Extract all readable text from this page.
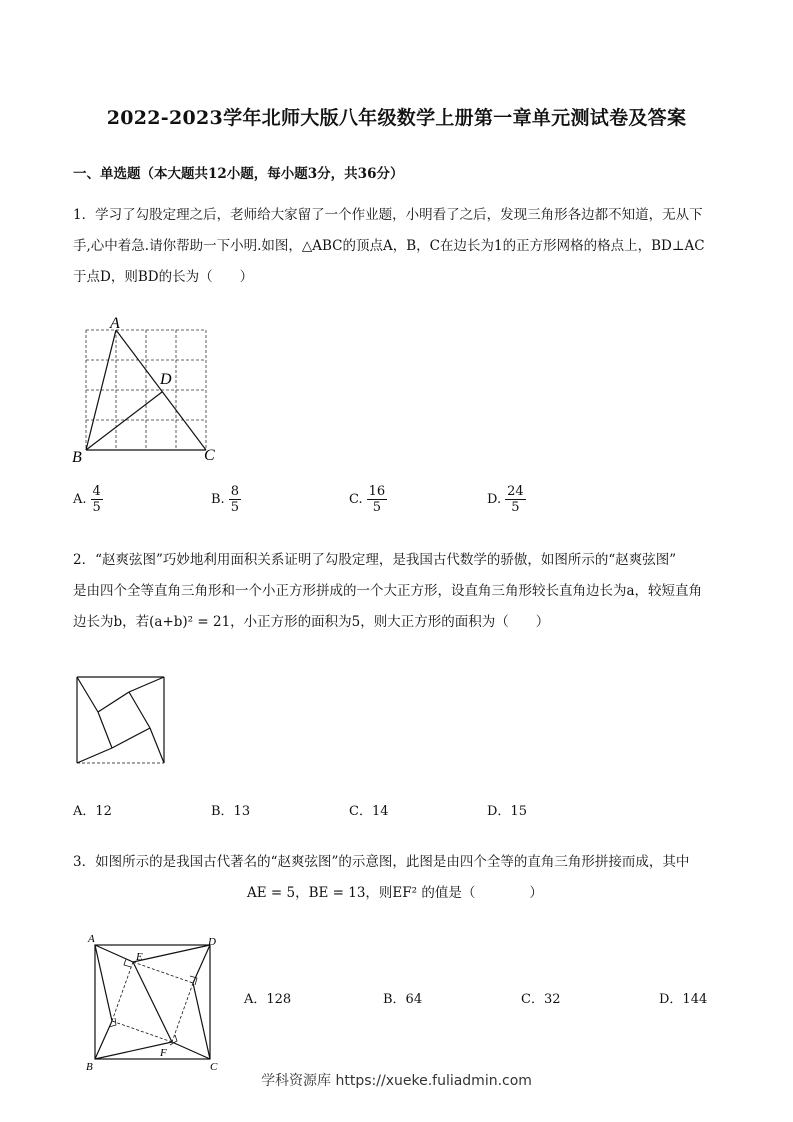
2022-2023学年北师大版八年级数学上册第一章单元测试卷及答案
一、单选题（本大题共12小题，每小题3分，共36分）
1．学习了勾股定理之后，老师给大家留了一个作业题，小明看了之后，发现三角形各边都不知道，无从下
手,心中着急.请你帮助一下小明.如图，△ABC的顶点A，B，C在边长为1的正方形网格的格点上，BD⊥AC
于点D，则BD的长为（　　）
A
D
B	C
A. $\frac{4}{5}$	B. $\frac{8}{5}$	C. $\frac{16}{5}$	D. $\frac{24}{5}$
2．“赵爽弦图”巧妙地利用面积关系证明了勾股定理，是我国古代数学的骄傲，如图所示的“赵爽弦图”
是由四个全等直角三角形和一个小正方形拼成的一个大正方形，设直角三角形较长直角边长为a，较短直角
边长为b，若(a+b)² = 21，小正方形的面积为5，则大正方形的面积为（　　）
A．12	B．13	C．14	D．15
3．如图所示的是我国古代著名的“赵爽弦图”的示意图，此图是由四个全等的直角三角形拼接而成，其中
AE = 5，BE = 13，则EF² 的值是（　　　　）
A	D
E
F
B	C
A．128	B．64	C．32	D．144
学科资源库 https://xueke.fuliadmin.com
